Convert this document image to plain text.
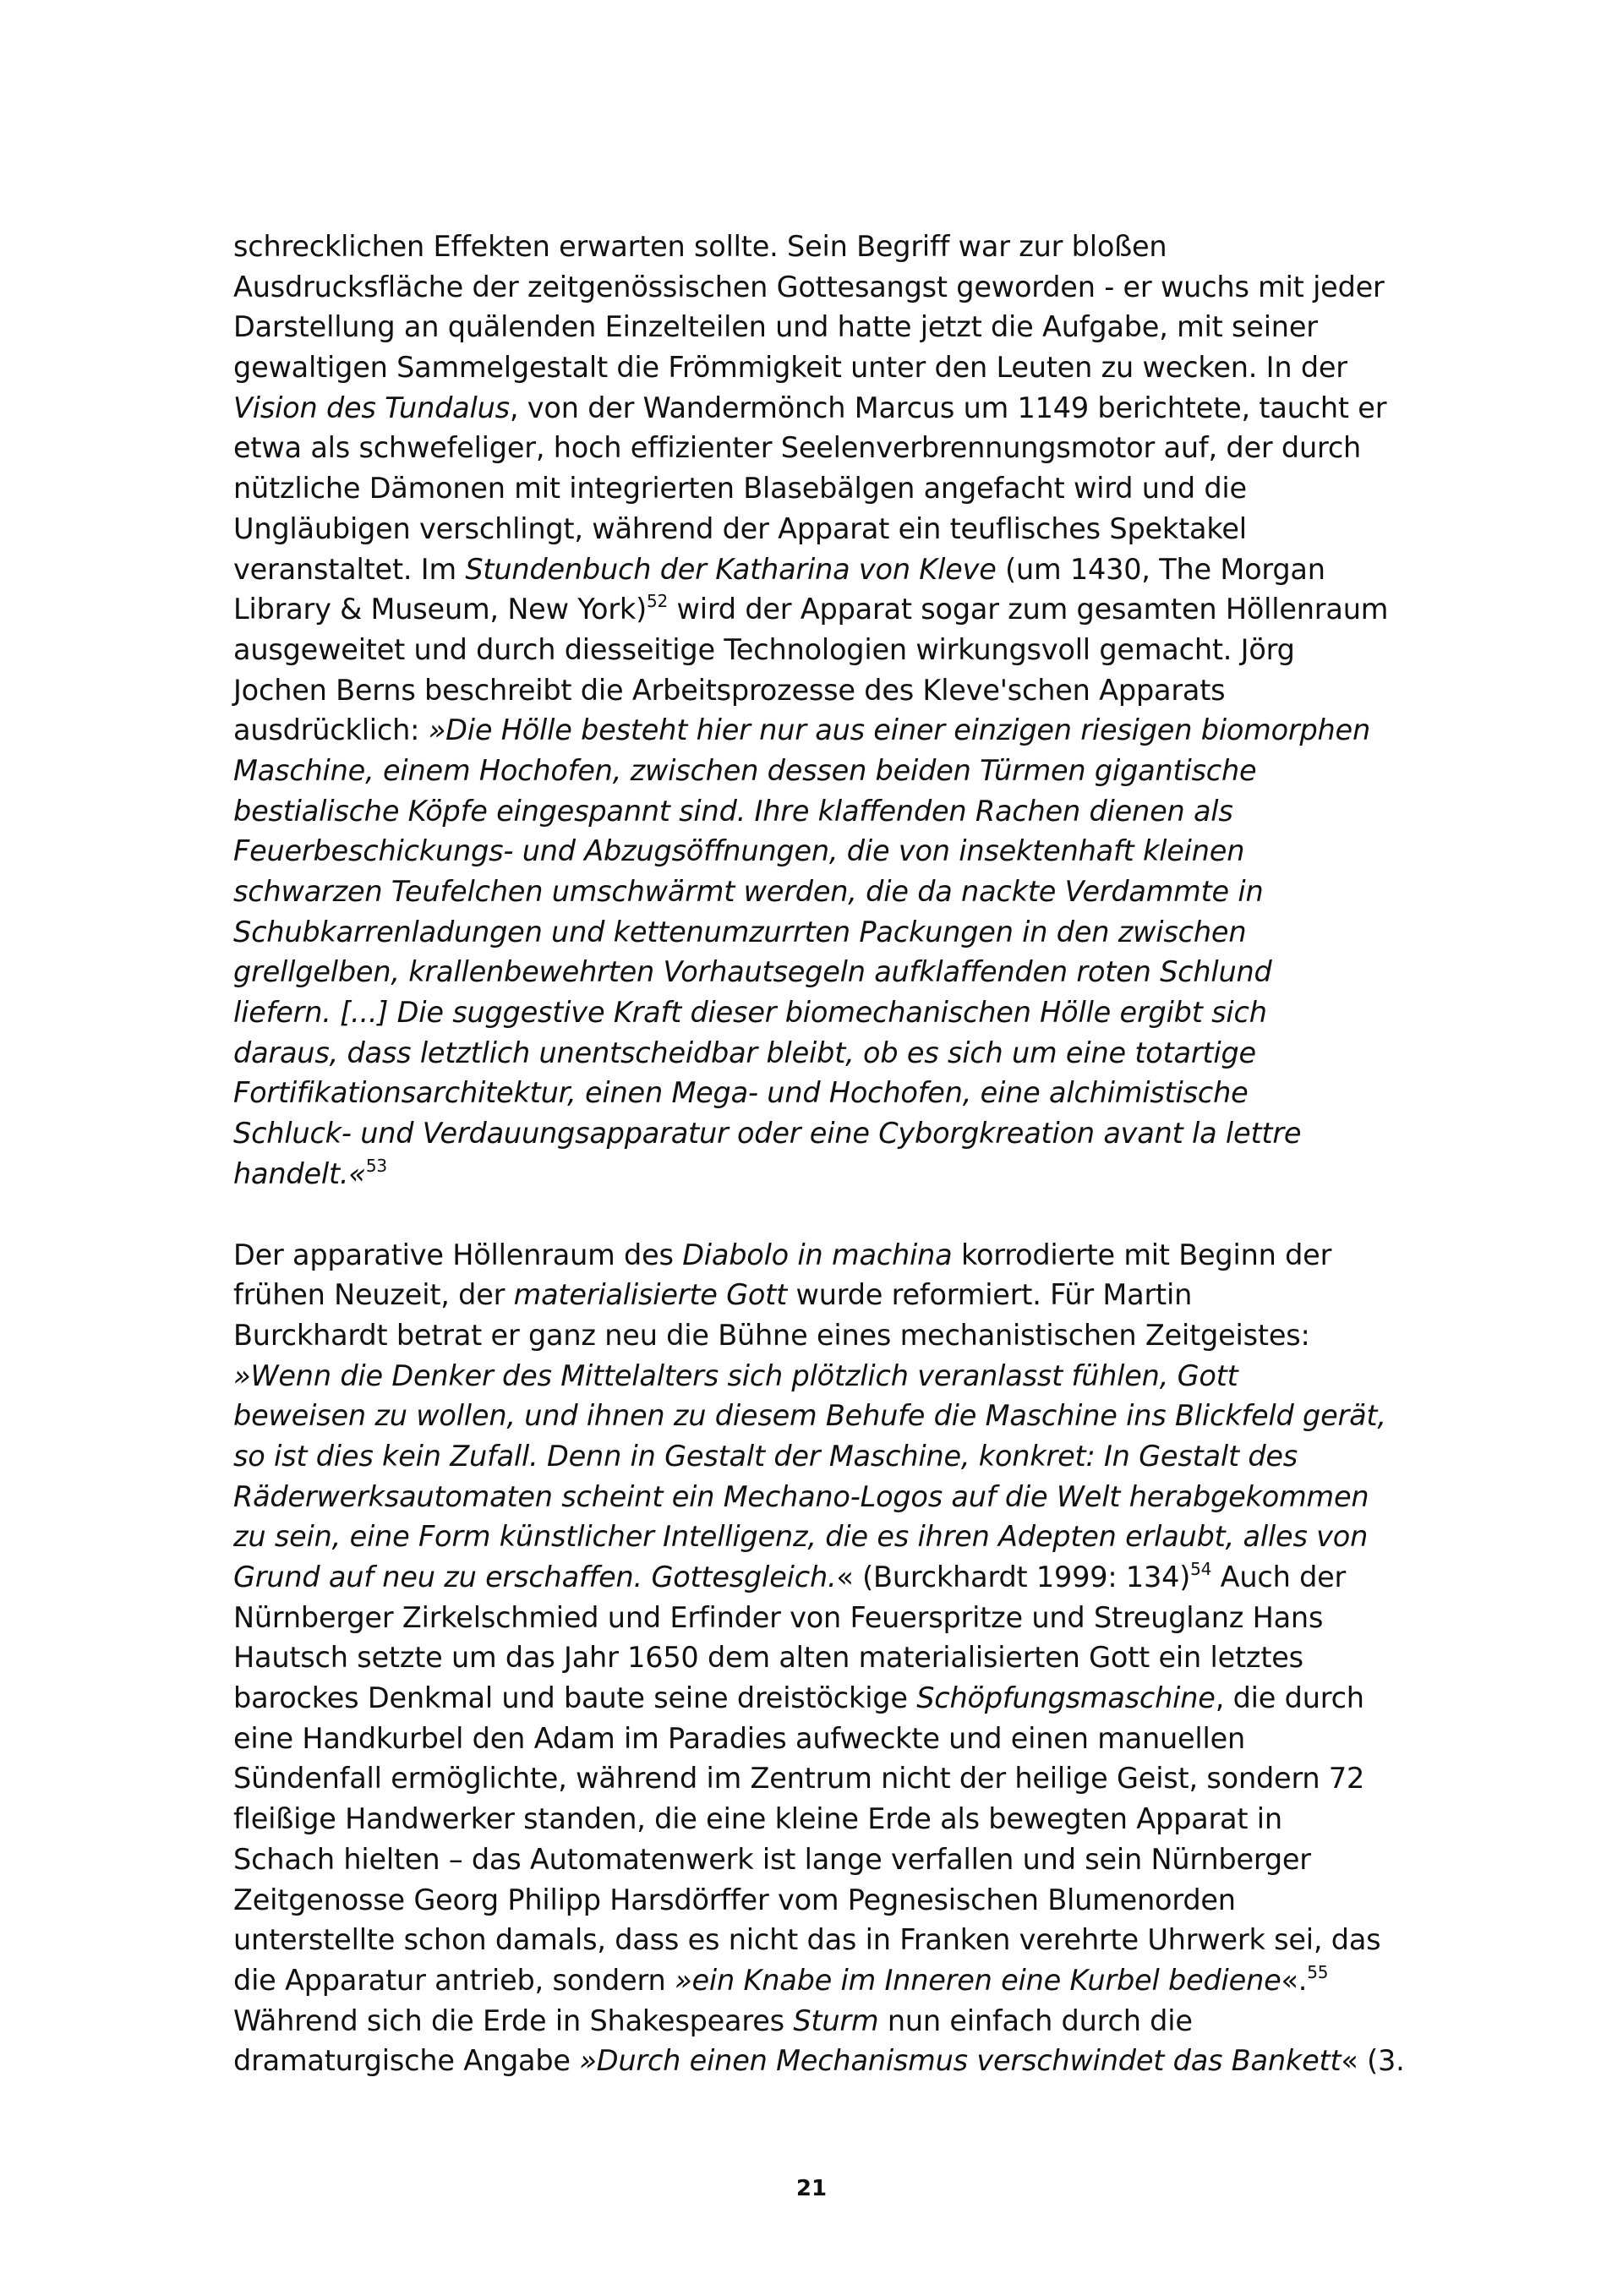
schrecklichen Effekten erwarten sollte. Sein Begriff war zur bloßen
Ausdrucksfläche der zeitgenössischen Gottesangst geworden - er wuchs mit jeder
Darstellung an quälenden Einzelteilen und hatte jetzt die Aufgabe, mit seiner
gewaltigen Sammelgestalt die Frömmigkeit unter den Leuten zu wecken. In der
Vision des Tundalus, von der Wandermönch Marcus um 1149 berichtete, taucht er
etwa als schwefeliger, hoch effizienter Seelenverbrennungsmotor auf, der durch
nützliche Dämonen mit integrierten Blasebälgen angefacht wird und die
Ungläubigen verschlingt, während der Apparat ein teuflisches Spektakel
veranstaltet. Im Stundenbuch der Katharina von Kleve (um 1430, The Morgan
Library & Museum, New York)$^{52}$ wird der Apparat sogar zum gesamten Höllenraum
ausgeweitet und durch diesseitige Technologien wirkungsvoll gemacht. Jörg
Jochen Berns beschreibt die Arbeitsprozesse des Kleve'schen Apparats
ausdrücklich: »Die Hölle besteht hier nur aus einer einzigen riesigen biomorphen
Maschine, einem Hochofen, zwischen dessen beiden Türmen gigantische
bestialische Köpfe eingespannt sind. Ihre klaffenden Rachen dienen als
Feuerbeschickungs- und Abzugsöffnungen, die von insektenhaft kleinen
schwarzen Teufelchen umschwärmt werden, die da nackte Verdammte in
Schubkarrenladungen und kettenumzurrten Packungen in den zwischen
grellgelben, krallenbewehrten Vorhautsegeln aufklaffenden roten Schlund
liefern. [...] Die suggestive Kraft dieser biomechanischen Hölle ergibt sich
daraus, dass letztlich unentscheidbar bleibt, ob es sich um eine totartige
Fortifikationsarchitektur, einen Mega- und Hochofen, eine alchimistische
Schluck- und Verdauungsapparatur oder eine Cyborgkreation avant la lettre
handelt.«$^{53}$
Der apparative Höllenraum des Diabolo in machina korrodierte mit Beginn der
frühen Neuzeit, der materialisierte Gott wurde reformiert. Für Martin
Burckhardt betrat er ganz neu die Bühne eines mechanistischen Zeitgeistes:
»Wenn die Denker des Mittelalters sich plötzlich veranlasst fühlen, Gott
beweisen zu wollen, und ihnen zu diesem Behufe die Maschine ins Blickfeld gerät,
so ist dies kein Zufall. Denn in Gestalt der Maschine, konkret: In Gestalt des
Räderwerksautomaten scheint ein Mechano-Logos auf die Welt herabgekommen
zu sein, eine Form künstlicher Intelligenz, die es ihren Adepten erlaubt, alles von
Grund auf neu zu erschaffen. Gottesgleich.« (Burckhardt 1999: 134)$^{54}$ Auch der
Nürnberger Zirkelschmied und Erfinder von Feuerspritze und Streuglanz Hans
Hautsch setzte um das Jahr 1650 dem alten materialisierten Gott ein letztes
barockes Denkmal und baute seine dreistöckige Schöpfungsmaschine, die durch
eine Handkurbel den Adam im Paradies aufweckte und einen manuellen
Sündenfall ermöglichte, während im Zentrum nicht der heilige Geist, sondern 72
fleißige Handwerker standen, die eine kleine Erde als bewegten Apparat in
Schach hielten – das Automatenwerk ist lange verfallen und sein Nürnberger
Zeitgenosse Georg Philipp Harsdörffer vom Pegnesischen Blumenorden
unterstellte schon damals, dass es nicht das in Franken verehrte Uhrwerk sei, das
die Apparatur antrieb, sondern »ein Knabe im Inneren eine Kurbel bediene«.$^{55}$
Während sich die Erde in Shakespeares Sturm nun einfach durch die
dramaturgische Angabe »Durch einen Mechanismus verschwindet das Bankett« (3.
21
